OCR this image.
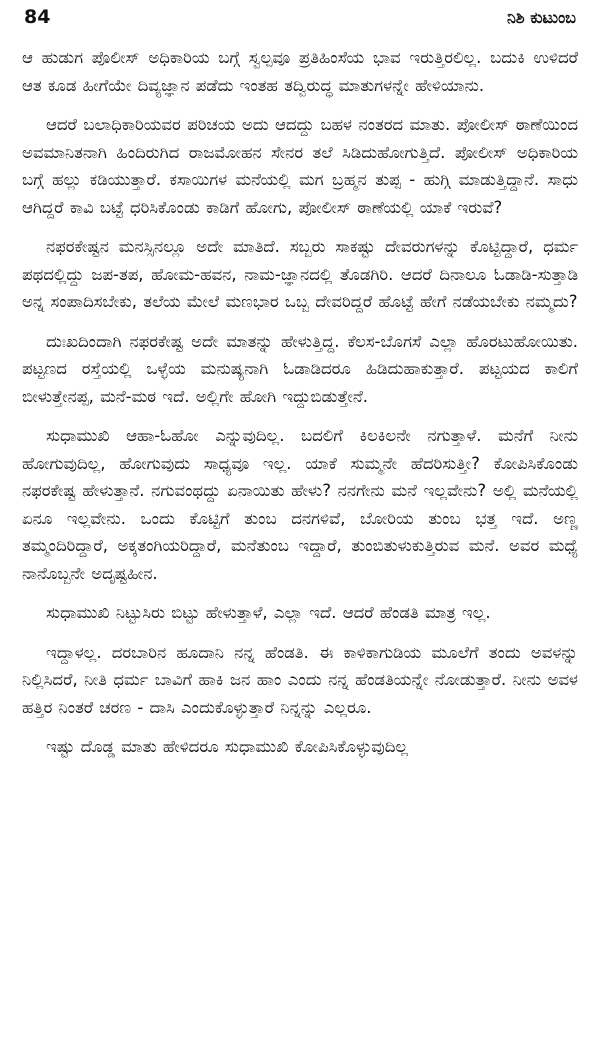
84	ನಿಶಿ ಕುಟುಂಬ

ಆ ಹುಡುಗ ಪೊಲೀಸ್ ಅಧಿಕಾರಿಯ ಬಗ್ಗೆ ಸ್ವಲ್ಪವೂ ಪ್ರತಿಹಿಂಸೆಯ ಭಾವ ಇರುತ್ತಿರಲಿಲ್ಲ. ಬದುಕಿ ಉಳಿದರೆ ಆತ ಕೂಡ ಹೀಗೆಯೇ ದಿವ್ಯಜ್ಞಾನ ಪಡೆದು ಇಂತಹ ತದ್ವಿರುದ್ಧ ಮಾತುಗಳನ್ನೇ ಹೇಳಿಯಾನು.

ಆದರೆ ಬಲಾಧಿಕಾರಿಯವರ ಪರಿಚಯ ಅದು ಆದದ್ದು ಬಹಳ ನಂತರದ ಮಾತು. ಪೋಲೀಸ್ ಠಾಣೆಯಿಂದ ಅವಮಾನಿತನಾಗಿ ಹಿಂದಿರುಗಿದ ರಾಜಮೋಹನ ಸೇನರ ತಲೆ ಸಿಡಿದುಹೋಗುತ್ತಿದೆ. ಪೋಲೀಸ್ ಅಧಿಕಾರಿಯ ಬಗ್ಗೆ ಹಲ್ಲು ಕಡಿಯುತ್ತಾರೆ. ಕಸಾಯಿಗಳ ಮನೆಯಲ್ಲಿ ಮಗ ಬ್ರಹ್ಮನ ತುಪ್ಪ - ಹುಗ್ಗಿ ಮಾಡುತ್ತಿದ್ದಾನೆ. ಸಾಧು ಆಗಿದ್ದರೆ ಕಾವಿ ಬಟ್ಟೆ ಧರಿಸಿಕೊಂಡು ಕಾಡಿಗೆ ಹೋಗು, ಪೋಲೀಸ್ ಠಾಣೆಯಲ್ಲಿ ಯಾಕೆ ಇರುವೆ?

ನಫರಕೇಷ್ಟನ ಮನಸ್ಸಿನಲ್ಲೂ ಅದೇ ಮಾತಿದೆ. ಸಬ್ಬರು ಸಾಕಷ್ಟು ದೇವರುಗಳನ್ನು ಕೊಟ್ಟಿದ್ದಾರೆ, ಧರ್ಮ ಪಥದಲ್ಲಿದ್ದು ಜಪ-ತಪ, ಹೋಮ-ಹವನ, ನಾಮ-ಜ್ಞಾನದಲ್ಲಿ ತೊಡಗಿರಿ. ಆದರೆ ದಿನಾಲೂ ಓಡಾಡಿ-ಸುತ್ತಾಡಿ ಅನ್ನ ಸಂಪಾದಿಸಬೇಕು, ತಲೆಯ ಮೇಲೆ ಮಣಭಾರ ಒಬ್ಬ ದೇವರಿದ್ದರೆ ಹೊಟ್ಟೆ ಹೇಗೆ ನಡೆಯಬೇಕು ನಮ್ಮದು?

ದುಃಖದಿಂದಾಗಿ ನಫರಕೇಷ್ಟ ಅದೇ ಮಾತನ್ನು ಹೇಳುತ್ತಿದ್ದ. ಕೆಲಸ-ಬೊಗಸೆ ಎಲ್ಲಾ ಹೊರಟುಹೋಯಿತು. ಪಟ್ಟಣದ ರಸ್ತೆಯಲ್ಲಿ ಒಳ್ಳೆಯ ಮನುಷ್ಯನಾಗಿ ಓಡಾಡಿದರೂ ಹಿಡಿದುಹಾಕುತ್ತಾರೆ. ಪಟ್ಟಯದ ಕಾಲಿಗೆ ಬೀಳುತ್ತೇನಪ್ಪ, ಮನೆ-ಮಠ ಇದೆ. ಅಲ್ಲಿಗೇ ಹೋಗಿ ಇದ್ದುಬಿಡುತ್ತೇನೆ.

ಸುಧಾಮುಖಿ ಆಹಾ-ಓಹೋ ಎನ್ನುವುದಿಲ್ಲ. ಬದಲಿಗೆ ಕಿಲಕಿಲನೇ ನಗುತ್ತಾಳೆ. ಮನೆಗೆ ನೀನು ಹೋಗುವುದಿಲ್ಲ, ಹೋಗುವುದು ಸಾಧ್ಯವೂ ಇಲ್ಲ. ಯಾಕೆ ಸುಮ್ಮನೇ ಹೆದರಿಸುತ್ತೀ? ಕೋಪಿಸಿಕೊಂಡು ನಫರಕೇಷ್ಟ ಹೇಳುತ್ತಾನೆ. ನಗುವಂಥದ್ದು ಏನಾಯಿತು ಹೇಳು? ನನಗೇನು ಮನೆ ಇಲ್ಲವೇನು? ಅಲ್ಲಿ ಮನೆಯಲ್ಲಿ ಏನೂ ಇಲ್ಲವೇನು. ಒಂದು ಕೊಟ್ಟಿಗೆ ತುಂಬ ದನಗಳಿವೆ, ಬೋರಿಯ ತುಂಬ ಭತ್ತ ಇದೆ. ಅಣ್ಣ ತಮ್ಮಂದಿರಿದ್ದಾರೆ, ಅಕ್ಕತಂಗಿಯರಿದ್ದಾರೆ, ಮನೆತುಂಬ ಇದ್ದಾರೆ, ತುಂಬಿತುಳುಕುತ್ತಿರುವ ಮನೆ. ಅವರ ಮಧ್ಯೆ ನಾನೊಬ್ಬನೇ ಅದೃಷ್ಟಹೀನ.

ಸುಧಾಮುಖಿ ನಿಟ್ಟುಸಿರು ಬಿಟ್ಟು ಹೇಳುತ್ತಾಳೆ, ಎಲ್ಲಾ ಇದೆ. ಆದರೆ ಹೆಂಡತಿ ಮಾತ್ರ ಇಲ್ಲ.

ಇದ್ದಾಳಲ್ಲ. ದರಬಾರಿನ ಹೂದಾನಿ ನನ್ನ ಹೆಂಡತಿ. ಈ ಕಾಳಿಕಾಗುಡಿಯ ಮೂಲೆಗೆ ತಂದು ಅವಳನ್ನು ನಿಲ್ಲಿಸಿದರೆ, ನೀತಿ ಧರ್ಮ ಬಾವಿಗೆ ಹಾಕಿ ಜನ ಹಾಂ ಎಂದು ನನ್ನ ಹೆಂಡತಿಯನ್ನೇ ನೋಡುತ್ತಾರೆ. ನೀನು ಅವಳ ಹತ್ತಿರ ನಿಂತರೆ ಚರಣ - ದಾಸಿ ಎಂದುಕೊಳ್ಳುತ್ತಾರೆ ನಿನ್ನನ್ನು ಎಲ್ಲರೂ.

ಇಷ್ಟು ದೊಡ್ಡ ಮಾತು ಹೇಳಿದರೂ ಸುಧಾಮುಖಿ ಕೋಪಿಸಿಕೊಳ್ಳುವುದಿಲ್ಲ
